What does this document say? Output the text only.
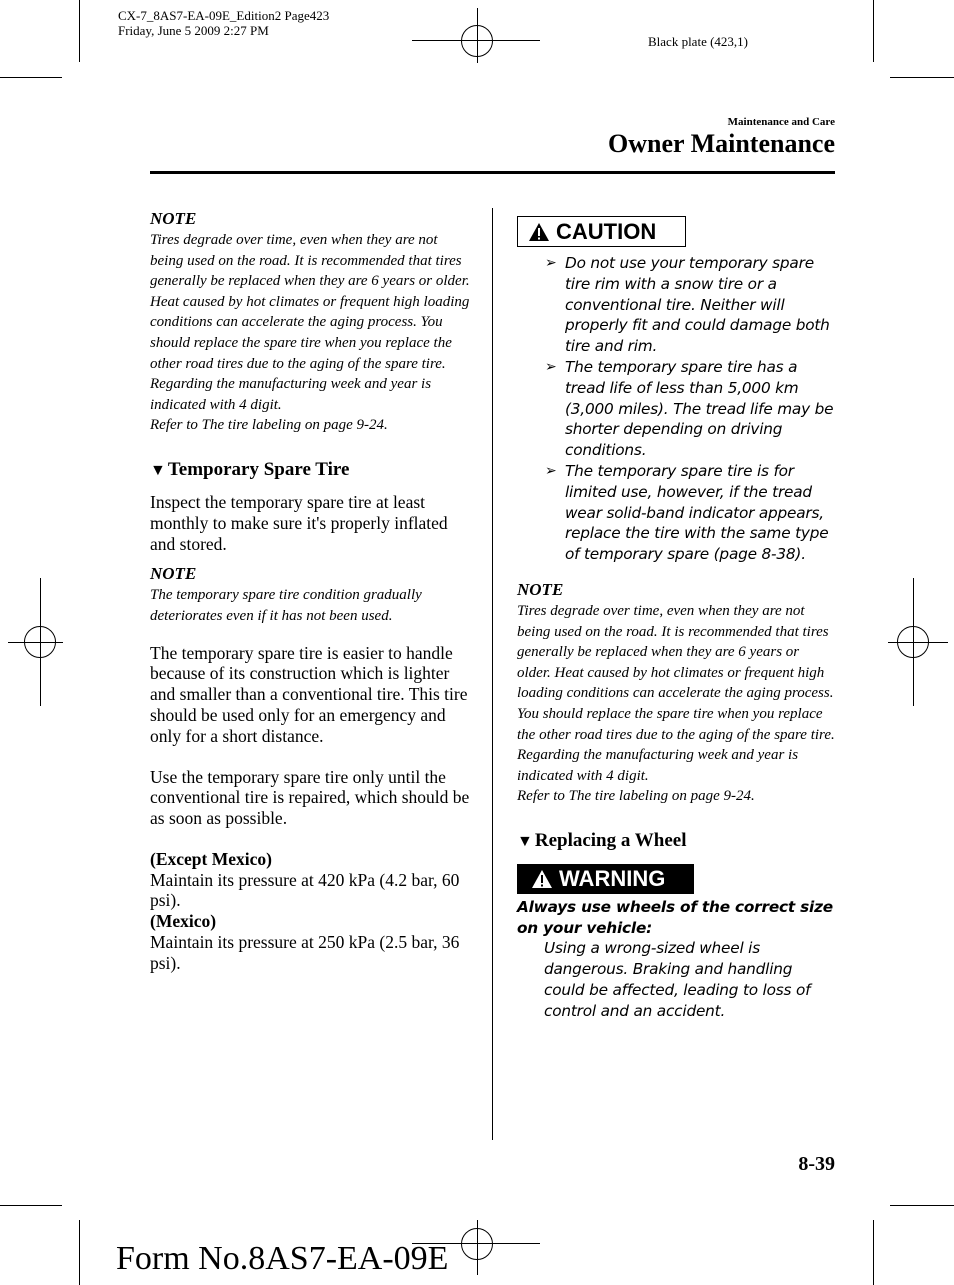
CX-7_8AS7-EA-09E_Edition2 Page423
Friday, June 5 2009 2:27 PM
Black plate (423,1)
Maintenance and Care
Owner Maintenance
NOTE
Tires degrade over time, even when they are not being used on the road. It is recommended that tires generally be replaced when they are 6 years or older. Heat caused by hot climates or frequent high loading conditions can accelerate the aging process. You should replace the spare tire when you replace the other road tires due to the aging of the spare tire. Regarding the manufacturing week and year is indicated with 4 digit.
Refer to The tire labeling on page 9-24.
▼ Temporary Spare Tire
Inspect the temporary spare tire at least monthly to make sure it's properly inflated and stored.
NOTE
The temporary spare tire condition gradually deteriorates even if it has not been used.
The temporary spare tire is easier to handle because of its construction which is lighter and smaller than a conventional tire. This tire should be used only for an emergency and only for a short distance.
Use the temporary spare tire only until the conventional tire is repaired, which should be as soon as possible.
(Except Mexico)
Maintain its pressure at 420 kPa (4.2 bar, 60 psi).
(Mexico)
Maintain its pressure at 250 kPa (2.5 bar, 36 psi).
CAUTION
➢ Do not use your temporary spare tire rim with a snow tire or a conventional tire. Neither will properly fit and could damage both tire and rim.
➢ The temporary spare tire has a tread life of less than 5,000 km (3,000 miles). The tread life may be shorter depending on driving conditions.
➢ The temporary spare tire is for limited use, however, if the tread wear solid-band indicator appears, replace the tire with the same type of temporary spare (page 8-38).
NOTE
Tires degrade over time, even when they are not being used on the road. It is recommended that tires generally be replaced when they are 6 years or older. Heat caused by hot climates or frequent high loading conditions can accelerate the aging process. You should replace the spare tire when you replace the other road tires due to the aging of the spare tire. Regarding the manufacturing week and year is indicated with 4 digit.
Refer to The tire labeling on page 9-24.
▼ Replacing a Wheel
WARNING
Always use wheels of the correct size on your vehicle:
Using a wrong-sized wheel is dangerous. Braking and handling could be affected, leading to loss of control and an accident.
8-39
Form No.8AS7-EA-09E
